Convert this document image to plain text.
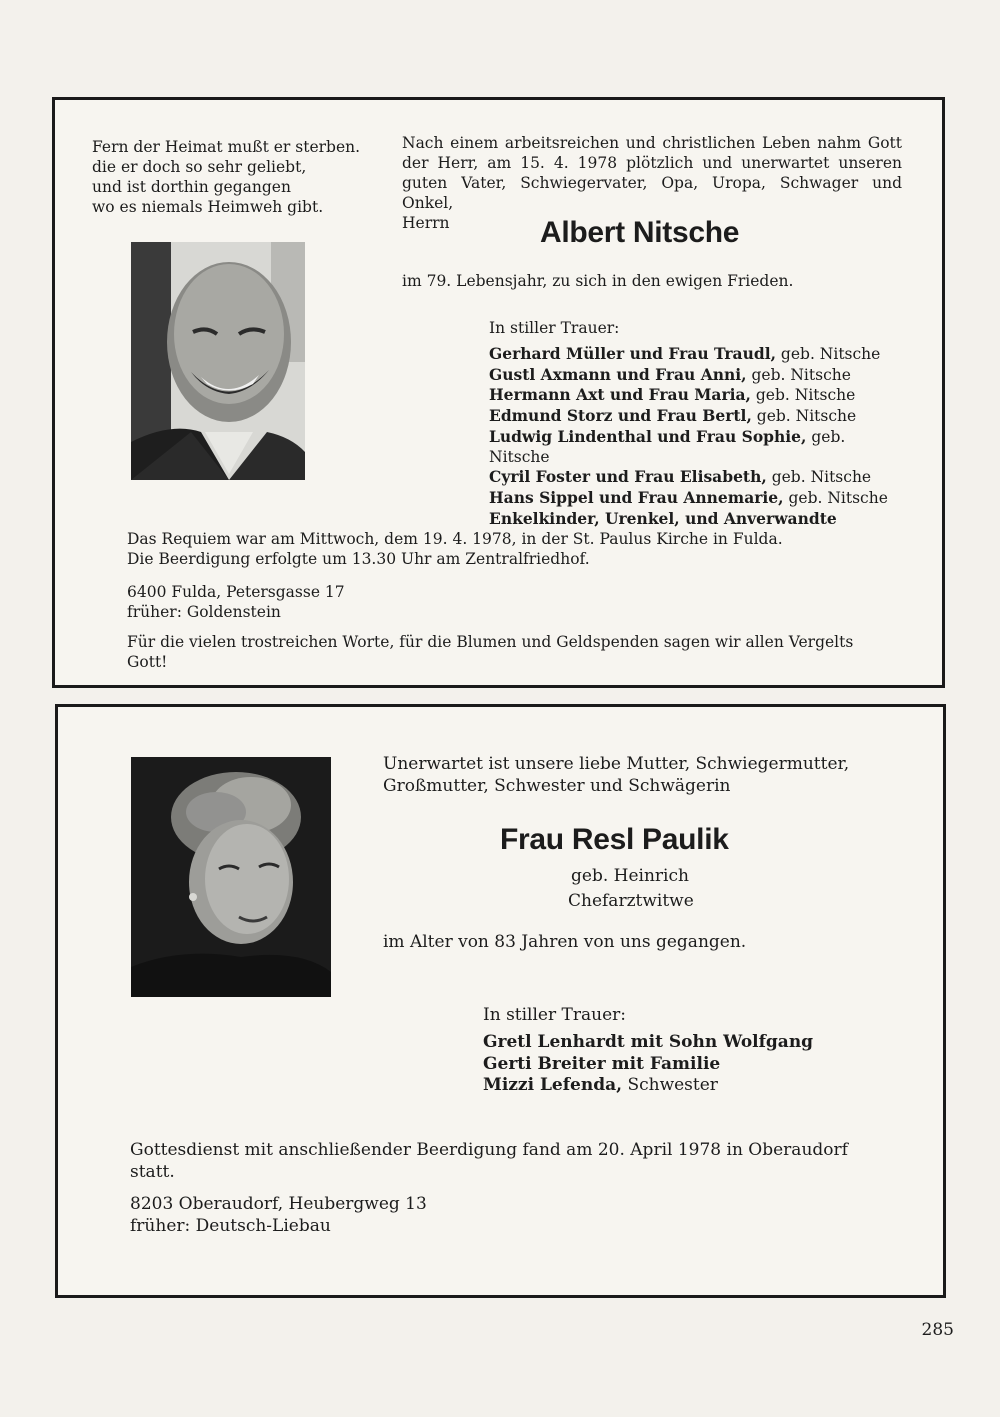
Fern der Heimat mußt er sterben.
die er doch so sehr geliebt,
und ist dorthin gegangen
wo es niemals Heimweh gibt.
Nach einem arbeitsreichen und christlichen Leben nahm Gott
der Herr, am 15. 4. 1978 plötzlich und unerwartet unseren
guten Vater, Schwiegervater, Opa, Uropa, Schwager und
Onkel,
Herrn	Albert Nitsche
im 79. Lebensjahr, zu sich in den ewigen Frieden.
In stiller Trauer:
Gerhard Müller und Frau Traudl, geb. Nitsche
Gustl Axmann und Frau Anni, geb. Nitsche
Hermann Axt und Frau Maria, geb. Nitsche
Edmund Storz und Frau Bertl, geb. Nitsche
Ludwig Lindenthal und Frau Sophie, geb. Nitsche
Cyril Foster und Frau Elisabeth, geb. Nitsche
Hans Sippel und Frau Annemarie, geb. Nitsche
Enkelkinder, Urenkel, und Anverwandte
Das Requiem war am Mittwoch, dem 19. 4. 1978, in der St. Paulus Kirche in Fulda.
Die Beerdigung erfolgte um 13.30 Uhr am Zentralfriedhof.
6400 Fulda, Petersgasse 17
früher: Goldenstein
Für die vielen trostreichen Worte, für die Blumen und Geldspenden sagen wir allen Vergelts
Gott!
Unerwartet ist unsere liebe Mutter, Schwiegermutter,
Großmutter, Schwester und Schwägerin
Frau Resl Paulik
geb. Heinrich
Chefarztwitwe
im Alter von 83 Jahren von uns gegangen.
In stiller Trauer:
Gretl Lenhardt mit Sohn Wolfgang
Gerti Breiter mit Familie
Mizzi Lefenda, Schwester
Gottesdienst mit anschließender Beerdigung fand am 20. April 1978 in Oberaudorf
statt.
8203 Oberaudorf, Heubergweg 13
früher: Deutsch-Liebau
285
